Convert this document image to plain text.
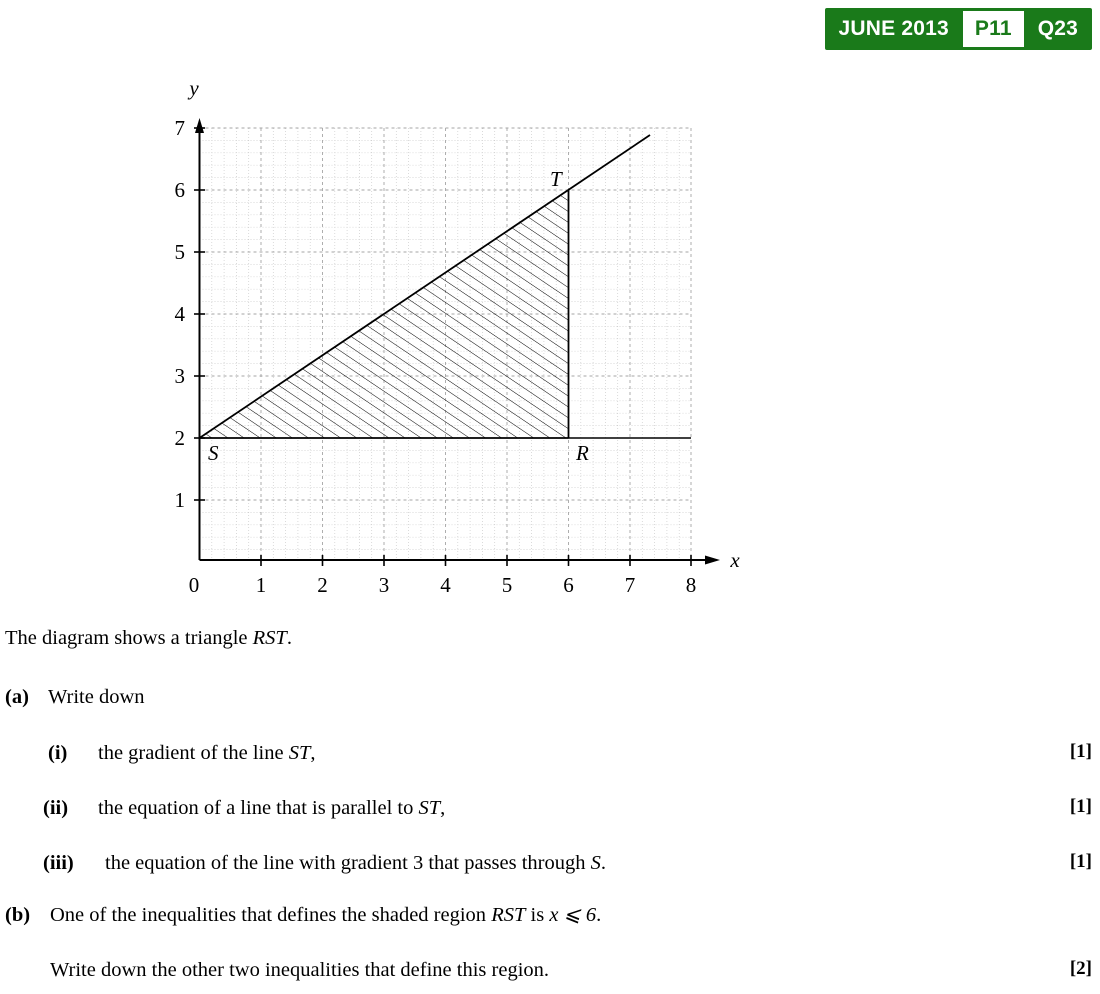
JUNE 2013	P11	Q23
y
x
7
6
5
4
3
2
1
0	1 2 3 4 5 6 7 8
S	R
T
The diagram shows a triangle RST.
(a) Write down
(i)	the gradient of the line ST,	[1]
(ii)	the equation of a line that is parallel to ST,	[1]
(iii)	the equation of the line with gradient 3 that passes through S.	[1]
(b) One of the inequalities that defines the shaded region RST is x ⩽ 6.
Write down the other two inequalities that define this region.	[2]
